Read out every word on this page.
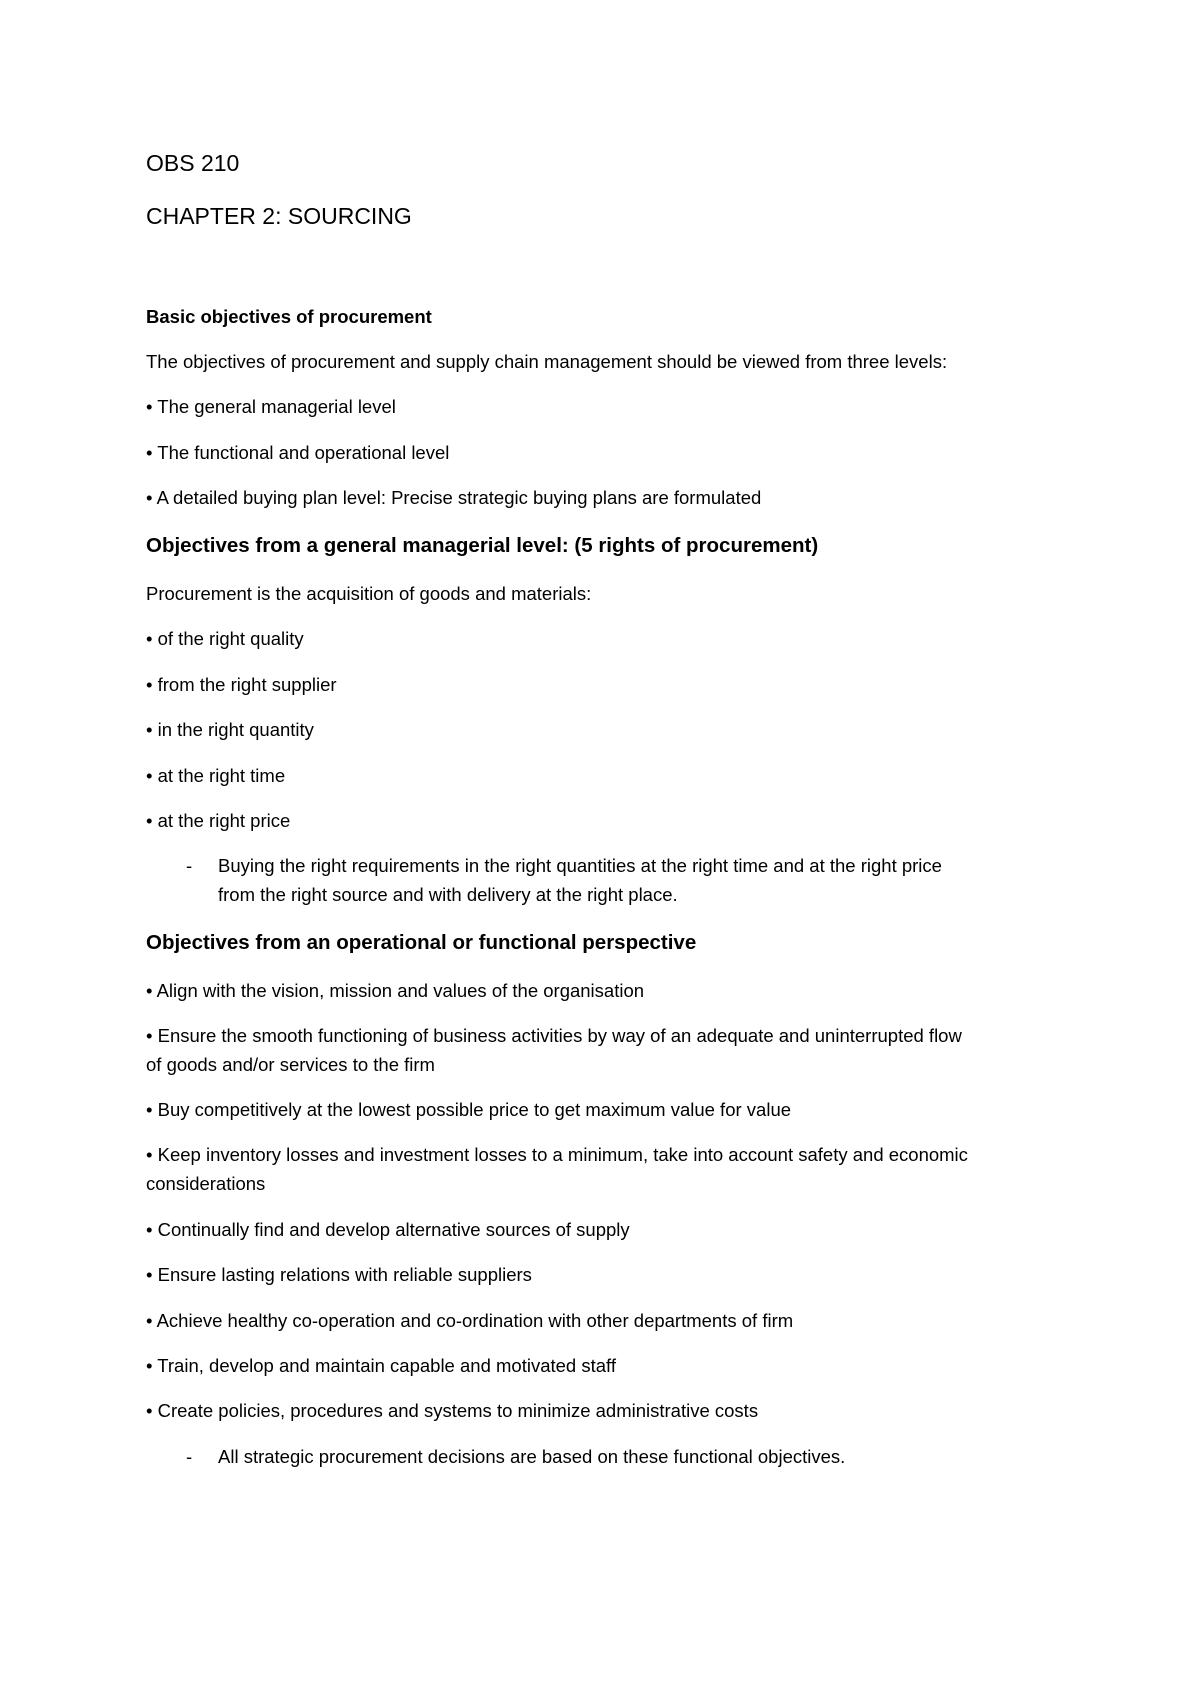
OBS 210
CHAPTER 2: SOURCING
Basic objectives of procurement
The objectives of procurement and supply chain management should be viewed from three levels:
• The general managerial level
• The functional and operational level
• A detailed buying plan level: Precise strategic buying plans are formulated
Objectives from a general managerial level: (5 rights of procurement)
Procurement is the acquisition of goods and materials:
• of the right quality
• from the right supplier
• in the right quantity
• at the right time
• at the right price
- Buying the right requirements in the right quantities at the right time and at the right price
from the right source and with delivery at the right place.
Objectives from an operational or functional perspective
• Align with the vision, mission and values of the organisation
• Ensure the smooth functioning of business activities by way of an adequate and uninterrupted flow
of goods and/or services to the firm
• Buy competitively at the lowest possible price to get maximum value for value
• Keep inventory losses and investment losses to a minimum, take into account safety and economic
considerations
• Continually find and develop alternative sources of supply
• Ensure lasting relations with reliable suppliers
• Achieve healthy co-operation and co-ordination with other departments of firm
• Train, develop and maintain capable and motivated staff
• Create policies, procedures and systems to minimize administrative costs
- All strategic procurement decisions are based on these functional objectives.
